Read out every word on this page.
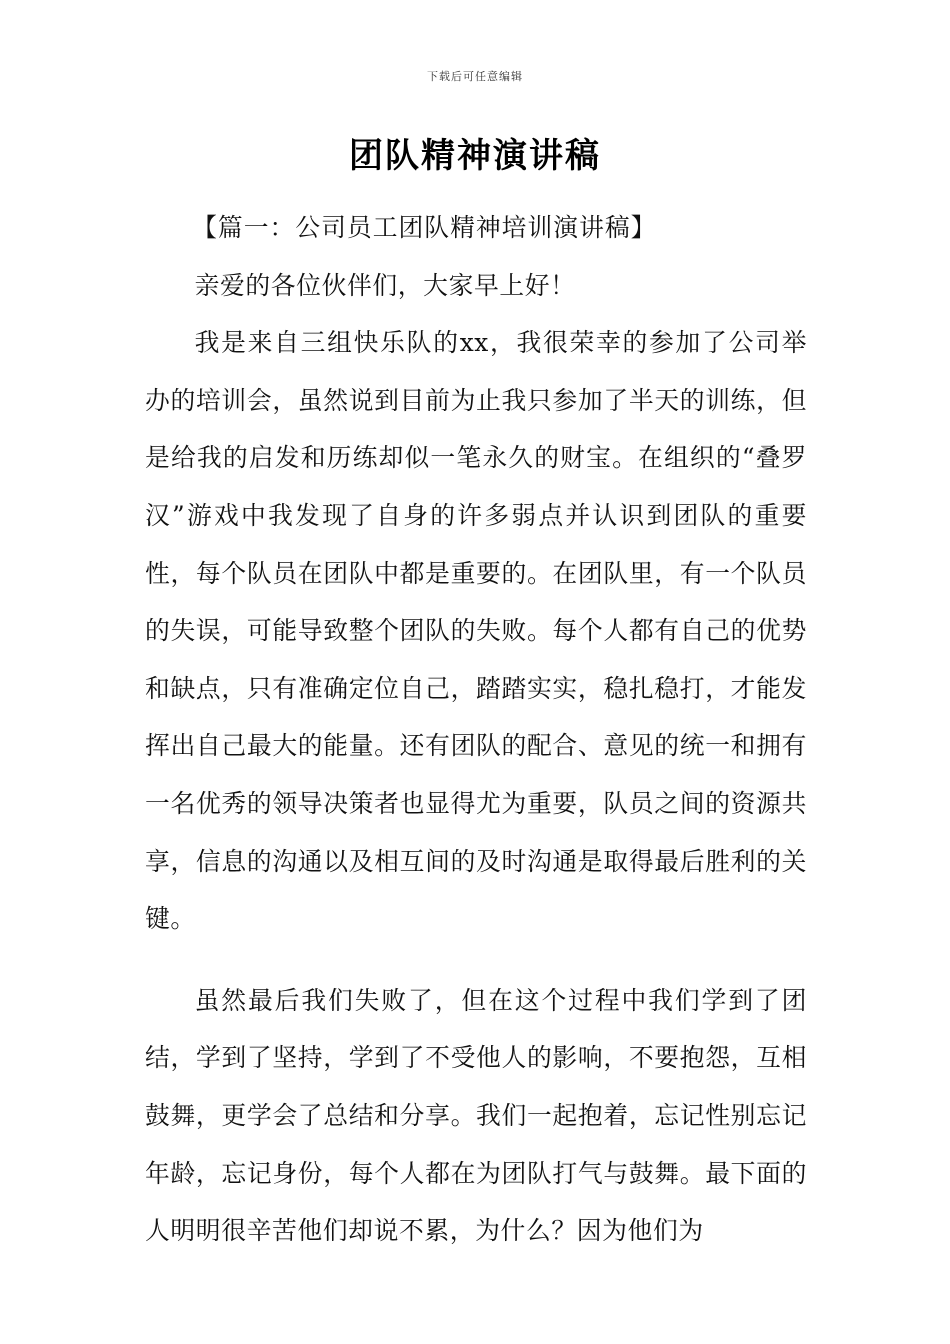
下载后可任意编辑
团队精神演讲稿

【篇一：公司员工团队精神培训演讲稿】

亲爱的各位伙伴们，大家早上好！

我是来自三组快乐队的xx，我很荣幸的参加了公司举办的培训会，虽然说到目前为止我只参加了半天的训练，但是给我的启发和历练却似一笔永久的财宝。在组织的“叠罗汉”游戏中我发现了自身的许多弱点并认识到团队的重要性，每个队员在团队中都是重要的。在团队里，有一个队员的失误，可能导致整个团队的失败。每个人都有自己的优势和缺点，只有准确定位自己，踏踏实实，稳扎稳打，才能发挥出自己最大的能量。还有团队的配合、意见的统一和拥有一名优秀的领导决策者也显得尤为重要，队员之间的资源共享，信息的沟通以及相互间的及时沟通是取得最后胜利的关键。

虽然最后我们失败了，但在这个过程中我们学到了团结，学到了坚持，学到了不受他人的影响，不要抱怨，互相鼓舞，更学会了总结和分享。我们一起抱着，忘记性别忘记年龄，忘记身份，每个人都在为团队打气与鼓舞。最下面的人明明很辛苦他们却说不累，为什么？因为他们为
